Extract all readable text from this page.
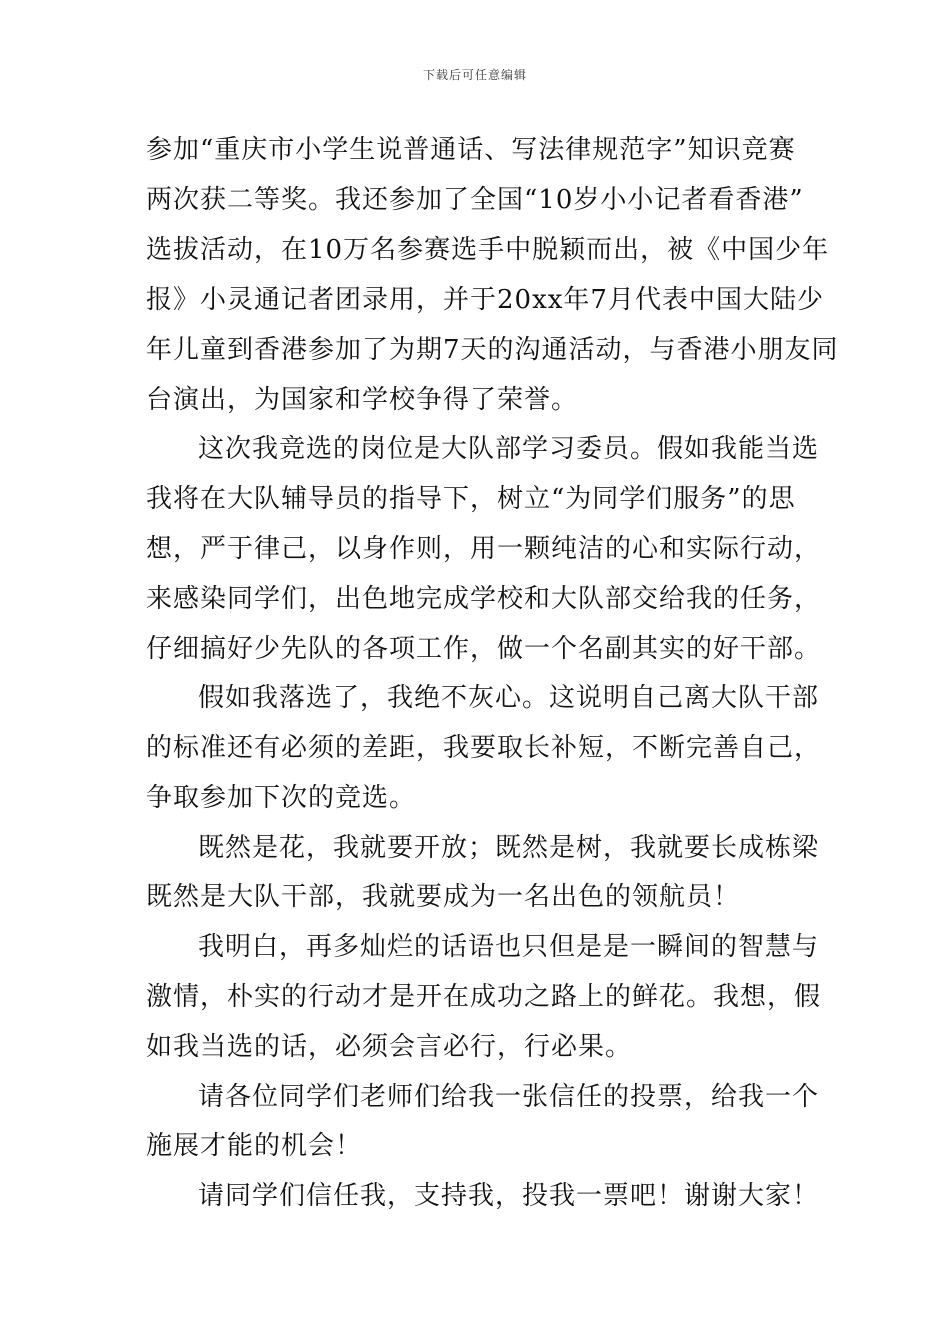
下载后可任意编辑
参加“重庆市小学生说普通话、写法律规范字”知识竞赛
两次获二等奖。我还参加了全国“10岁小小记者看香港”
选拔活动，在10万名参赛选手中脱颖而出，被《中国少年
报》小灵通记者团录用，并于20xx年7月代表中国大陆少
年儿童到香港参加了为期7天的沟通活动，与香港小朋友同
台演出，为国家和学校争得了荣誉。
这次我竞选的岗位是大队部学习委员。假如我能当选
我将在大队辅导员的指导下，树立“为同学们服务”的思
想，严于律己，以身作则，用一颗纯洁的心和实际行动，
来感染同学们，出色地完成学校和大队部交给我的任务，
仔细搞好少先队的各项工作，做一个名副其实的好干部。
假如我落选了，我绝不灰心。这说明自己离大队干部
的标准还有必须的差距，我要取长补短，不断完善自己，
争取参加下次的竞选。
既然是花，我就要开放；既然是树，我就要长成栋梁
既然是大队干部，我就要成为一名出色的领航员！
我明白，再多灿烂的话语也只但是是一瞬间的智慧与
激情，朴实的行动才是开在成功之路上的鲜花。我想，假
如我当选的话，必须会言必行，行必果。
请各位同学们老师们给我一张信任的投票，给我一个
施展才能的机会！
请同学们信任我，支持我，投我一票吧！谢谢大家！
